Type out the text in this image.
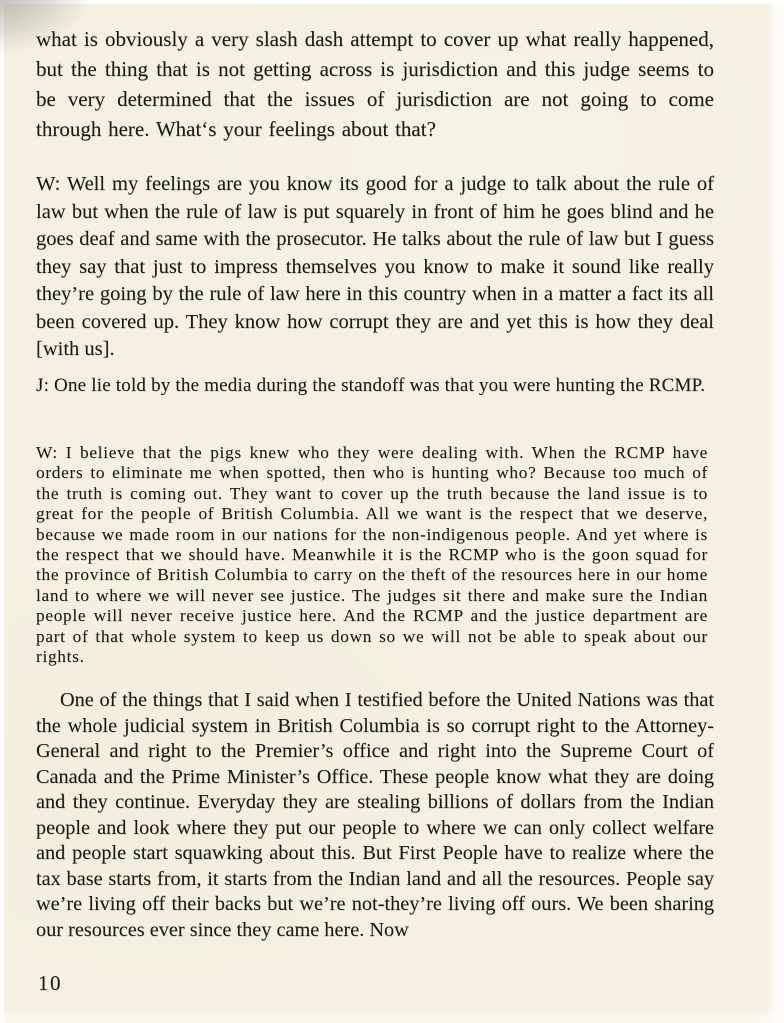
what is obviously a very slash dash attempt to cover up what really happened, but the thing that is not getting across is jurisdiction and this judge seems to be very determined that the issues of jurisdiction are not going to come through here. What‘s your feelings about that?

W: Well my feelings are you know its good for a judge to talk about the rule of law but when the rule of law is put squarely in front of him he goes blind and he goes deaf and same with the prosecutor. He talks about the rule of law but I guess they say that just to impress themselves you know to make it sound like really they’re going by the rule of law here in this country when in a matter a fact its all been covered up. They know how corrupt they are and yet this is how they deal [with us].

J: One lie told by the media during the standoff was that you were hunting the RCMP.

W: I believe that the pigs knew who they were dealing with. When the RCMP have orders to eliminate me when spotted, then who is hunting who? Because too much of the truth is coming out. They want to cover up the truth because the land issue is to great for the people of British Columbia. All we want is the respect that we deserve, because we made room in our nations for the non-indigenous people. And yet where is the respect that we should have. Meanwhile it is the RCMP who is the goon squad for the province of British Columbia to carry on the theft of the resources here in our home land to where we will never see justice. The judges sit there and make sure the Indian people will never receive justice here. And the RCMP and the justice department are part of that whole system to keep us down so we will not be able to speak about our rights.

One of the things that I said when I testified before the United Nations was that the whole judicial system in British Columbia is so corrupt right to the Attorney-General and right to the Premier’s office and right into the Supreme Court of Canada and the Prime Minister’s Office. These people know what they are doing and they continue. Everyday they are stealing billions of dollars from the Indian people and look where they put our people to where we can only collect welfare and people start squawking about this. But First People have to realize where the tax base starts from, it starts from the Indian land and all the resources. People say we’re living off their backs but we’re not-they’re living off ours. We been sharing our resources ever since they came here. Now

10
